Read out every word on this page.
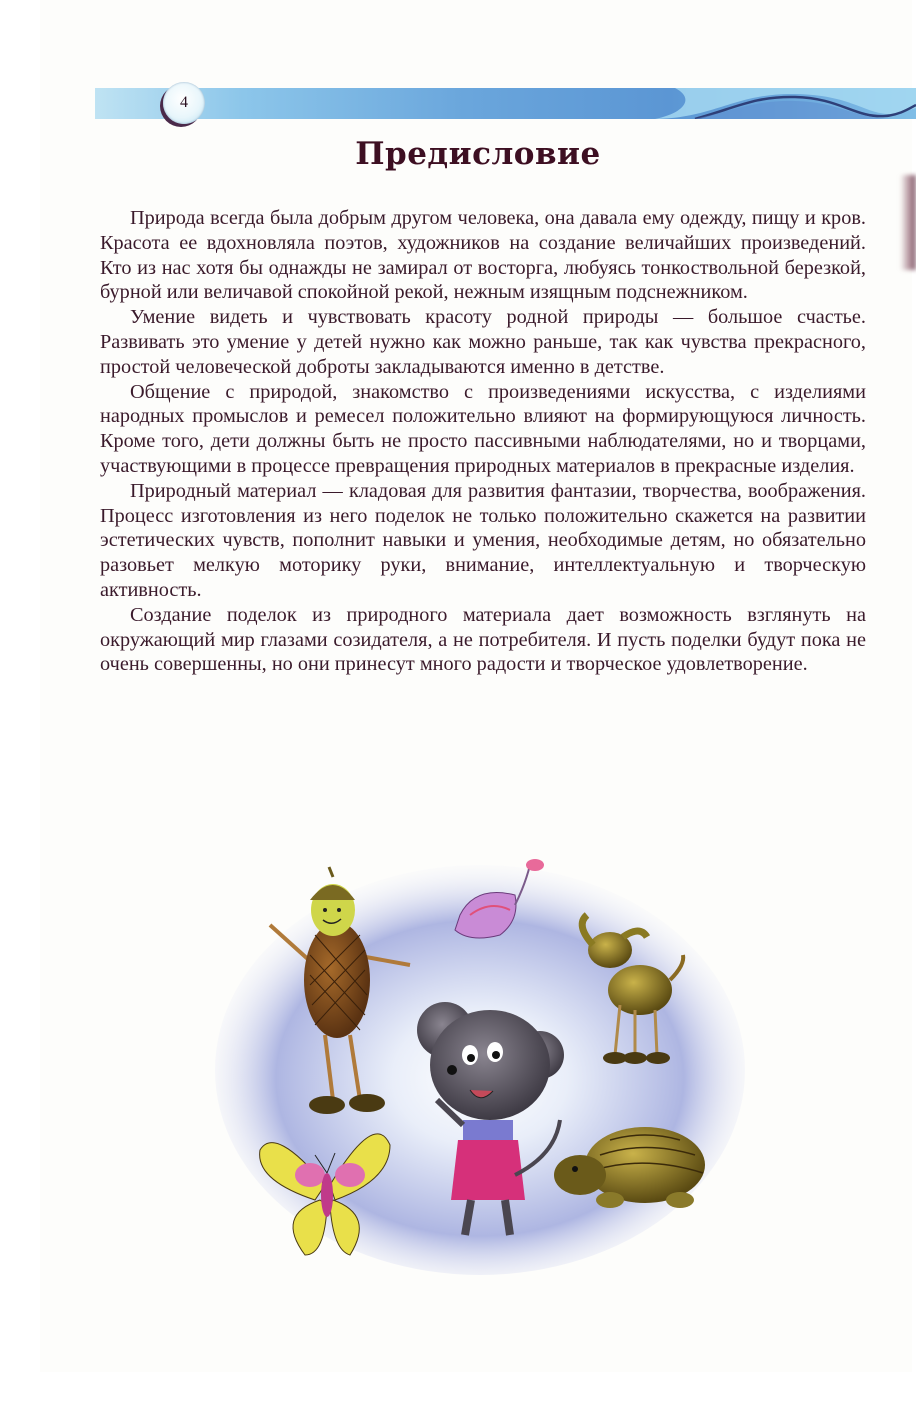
4
Предисловие

Природа всегда была добрым другом человека, она давала ему одежду, пищу и кров. Красота ее вдохновляла поэтов, художников на создание величайших произведений. Кто из нас хотя бы однажды не замирал от восторга, любуясь тонкоствольной березкой, бурной или величавой спокойной рекой, нежным изящным подснежником.

Умение видеть и чувствовать красоту родной природы — большое счастье. Развивать это умение у детей нужно как можно раньше, так как чувства прекрасного, простой человеческой доброты закладываются именно в детстве.

Общение с природой, знакомство с произведениями искусства, с изделиями народных промыслов и ремесел положительно влияют на формирующуюся личность. Кроме того, дети должны быть не просто пассивными наблюдателями, но и творцами, участвующими в процессе превращения природных материалов в прекрасные изделия.

Природный материал — кладовая для развития фантазии, творчества, воображения. Процесс изготовления из него поделок не только положительно скажется на развитии эстетических чувств, пополнит навыки и умения, необходимые детям, но обязательно разовьет мелкую моторику руки, внимание, интеллектуальную и творческую активность.

Создание поделок из природного материала дает возможность взглянуть на окружающий мир глазами созидателя, а не потребителя. И пусть поделки будут пока не очень совершенны, но они принесут много радости и творческое удовлетворение.
